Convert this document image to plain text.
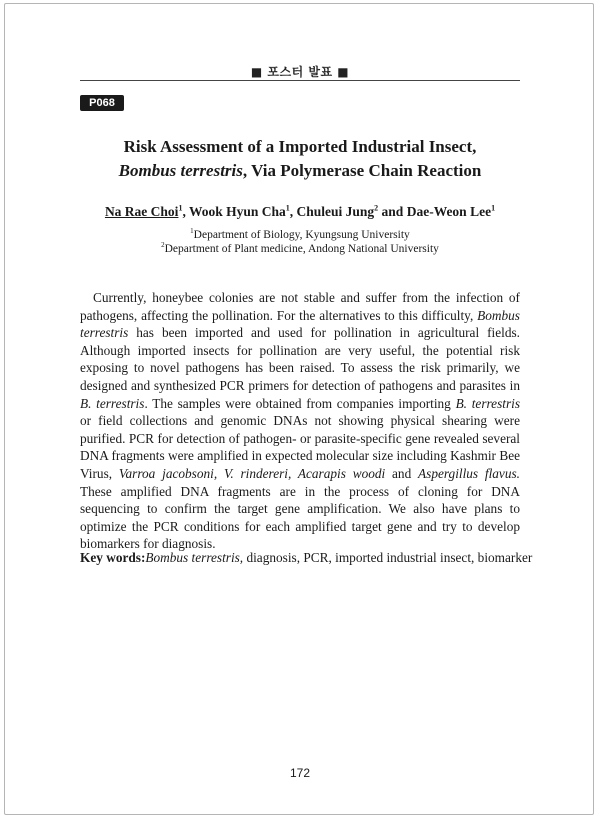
■ 포스터 발표 ■
P068
Risk Assessment of a Imported Industrial Insect,
Bombus terrestris, Via Polymerase Chain Reaction
Na Rae Choi$^1$, Wook Hyun Cha$^1$, Chuleui Jung$^2$ and Dae-Weon Lee$^1$
$^1$Department of Biology, Kyungsung University
$^2$Department of Plant medicine, Andong National University

Currently, honeybee colonies are not stable and suffer from the infection of pathogens, affecting the pollination. For the alternatives to this difficulty, Bombus terrestris has been imported and used for pollination in agricultural fields. Although imported insects for pollination are very useful, the potential risk exposing to novel pathogens has been raised. To assess the risk primarily, we designed and synthesized PCR primers for detection of pathogens and parasites in B. terrestris. The samples were obtained from companies importing B. terrestris or field collections and genomic DNAs not showing physical shearing were purified. PCR for detection of pathogen- or parasite-specific gene revealed several DNA fragments were amplified in expected molecular size including Kashmir Bee Virus, Varroa jacobsoni, V. rindereri, Acarapis woodi and Aspergillus flavus. These amplified DNA fragments are in the process of cloning for DNA sequencing to confirm the target gene amplification. We also have plans to optimize the PCR conditions for each amplified target gene and try to develop biomarkers for diagnosis.

Key words:Bombus terrestris, diagnosis, PCR, imported industrial insect, biomarker
172
